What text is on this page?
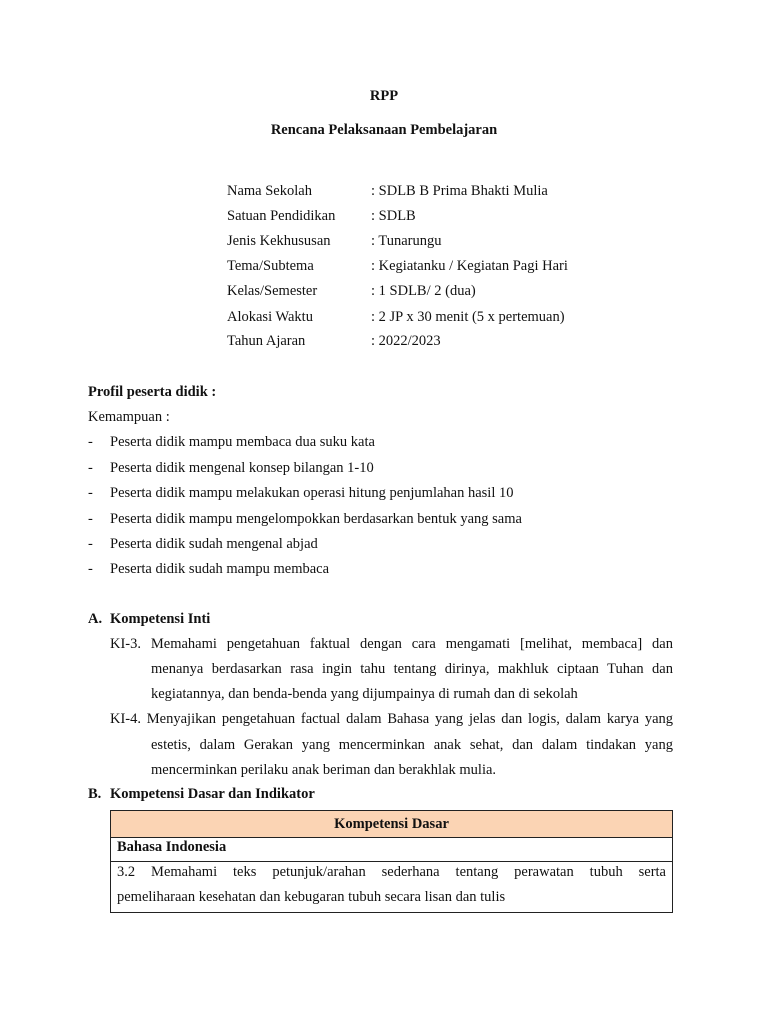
RPP
Rencana Pelaksanaan Pembelajaran
Nama Sekolah	: SDLB B Prima Bhakti Mulia
Satuan Pendidikan : SDLB
Jenis Kekhususan	: Tunarungu
Tema/Subtema	: Kegiatanku / Kegiatan Pagi Hari
Kelas/Semester	: 1 SDLB/ 2 (dua)
Alokasi Waktu	: 2 JP x 30 menit (5 x pertemuan)
Tahun Ajaran	: 2022/2023
Profil peserta didik :
Kemampuan :
- Peserta didik mampu membaca dua suku kata
- Peserta didik mengenal konsep bilangan 1-10
- Peserta didik mampu melakukan operasi hitung penjumlahan hasil 10
- Peserta didik mampu mengelompokkan berdasarkan bentuk yang sama
- Peserta didik sudah mengenal abjad
- Peserta didik sudah mampu membaca
A. Kompetensi Inti
KI-3. Memahami pengetahuan faktual dengan cara mengamati [melihat, membaca] dan
menanya berdasarkan rasa ingin tahu tentang dirinya, makhluk ciptaan Tuhan dan
kegiatannya, dan benda-benda yang dijumpainya di rumah dan di sekolah
KI-4. Menyajikan pengetahuan factual dalam Bahasa yang jelas dan logis, dalam karya yang
estetis, dalam Gerakan yang mencerminkan anak sehat, dan dalam tindakan yang
mencerminkan perilaku anak beriman dan berakhlak mulia.
B. Kompetensi Dasar dan Indikator
Kompetensi Dasar
Bahasa Indonesia
3.2 Memahami teks petunjuk/arahan sederhana tentang perawatan tubuh serta
pemeliharaan kesehatan dan kebugaran tubuh secara lisan dan tulis
